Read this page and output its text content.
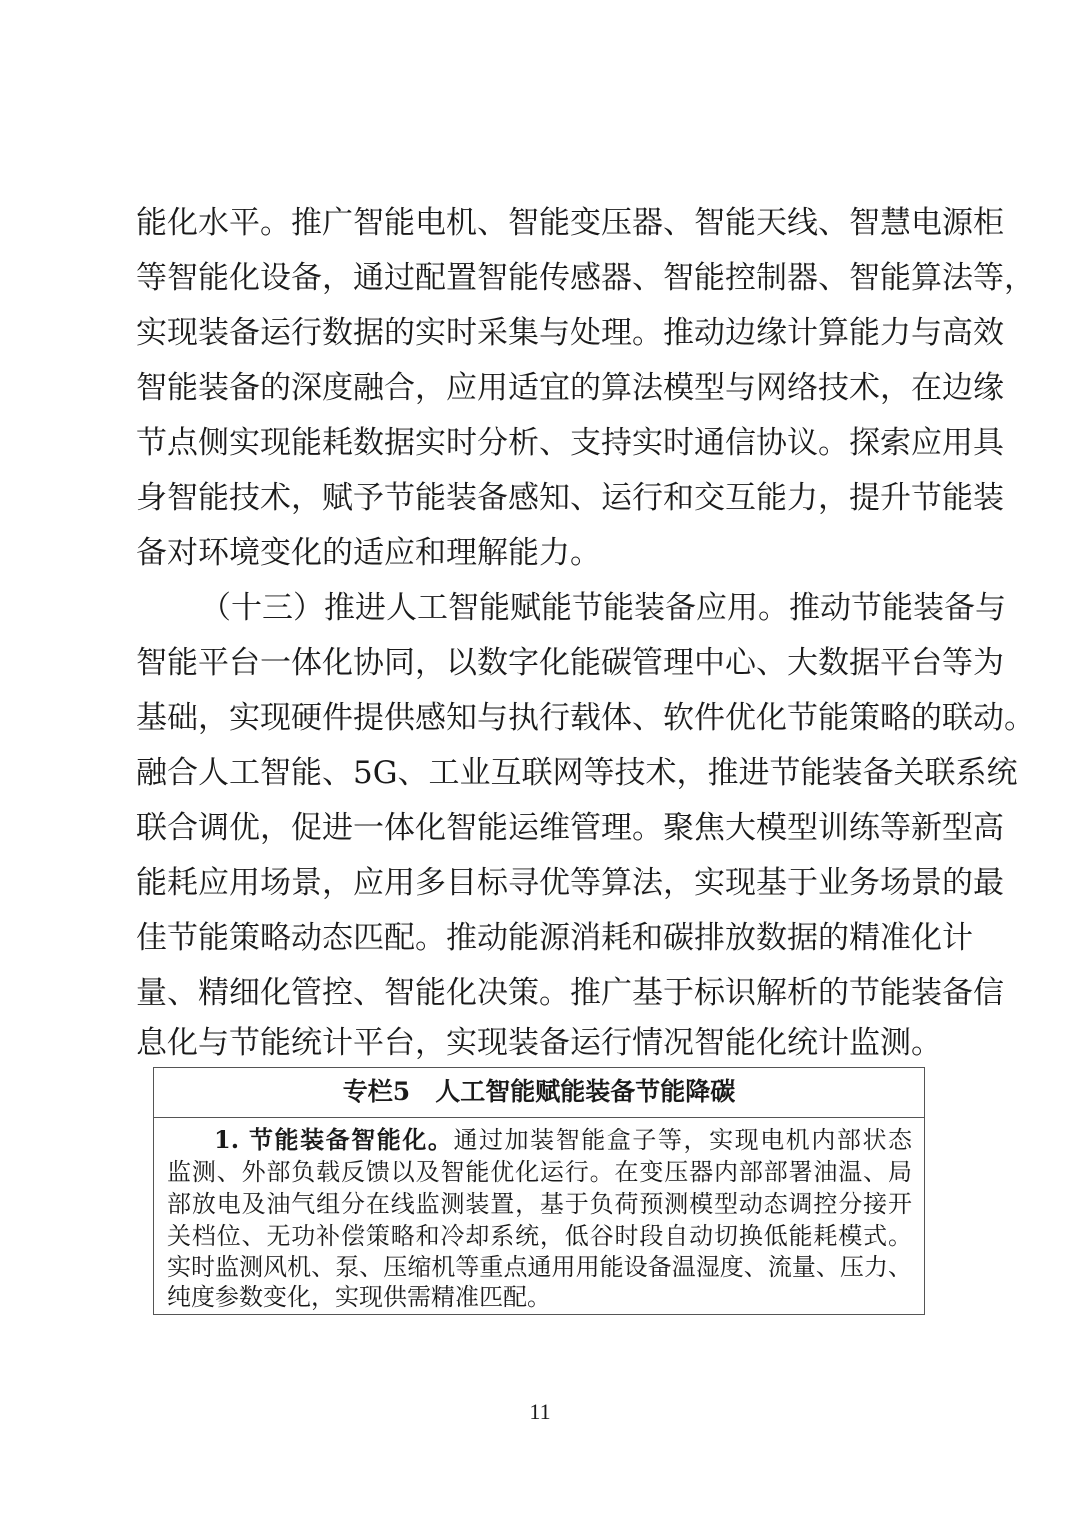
能化水平。推广智能电机、智能变压器、智能天线、智慧电源柜
等智能化设备，通过配置智能传感器、智能控制器、智能算法等，
实现装备运行数据的实时采集与处理。推动边缘计算能力与高效
智能装备的深度融合，应用适宜的算法模型与网络技术，在边缘
节点侧实现能耗数据实时分析、支持实时通信协议。探索应用具
身智能技术，赋予节能装备感知、运行和交互能力，提升节能装
备对环境变化的适应和理解能力。
（十三）推进人工智能赋能节能装备应用。推动节能装备与
智能平台一体化协同，以数字化能碳管理中心、大数据平台等为
基础，实现硬件提供感知与执行载体、软件优化节能策略的联动。
融合人工智能、5G、工业互联网等技术，推进节能装备关联系统
联合调优，促进一体化智能运维管理。聚焦大模型训练等新型高
能耗应用场景，应用多目标寻优等算法，实现基于业务场景的最
佳节能策略动态匹配。推动能源消耗和碳排放数据的精准化计
量、精细化管控、智能化决策。推广基于标识解析的节能装备信
息化与节能统计平台，实现装备运行情况智能化统计监测。
专栏5　人工智能赋能装备节能降碳
1. 节能装备智能化。通过加装智能盒子等，实现电机内部状态
监测、外部负载反馈以及智能优化运行。在变压器内部部署油温、局
部放电及油气组分在线监测装置，基于负荷预测模型动态调控分接开
关档位、无功补偿策略和冷却系统，低谷时段自动切换低能耗模式。
实时监测风机、泵、压缩机等重点通用用能设备温湿度、流量、压力、
纯度参数变化，实现供需精准匹配。
11
